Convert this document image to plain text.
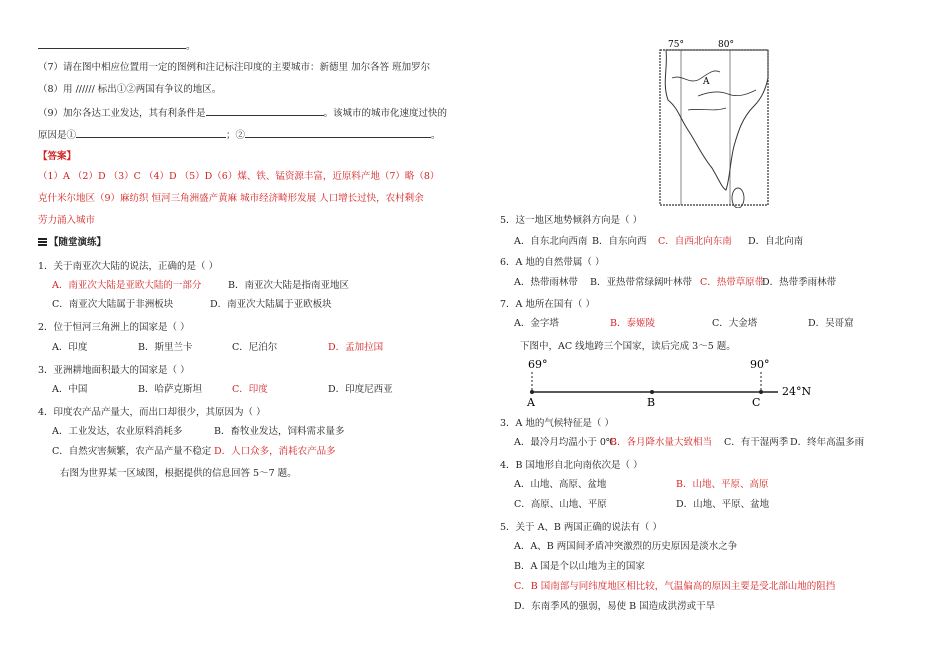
。
（7）请在图中相应位置用一定的图例和注记标注印度的主要城市：新德里 加尔各答 班加罗尔
（8）用 ////// 标出①②两国有争议的地区。
（9）加尔各达工业发达，其有利条件是	。该城市的城市化速度过快的
原因是①	；②	。
【答案】
（1）A （2）D （3）C （4）D （5）D（6）煤、铁、锰资源丰富，近原料产地（7）略（8）
克什米尔地区（9）麻纺织 恒河三角洲盛产黄麻 城市经济畸形发展 人口增长过快，农村剩余
劳力涌入城市
【随堂演练】
1．关于南亚次大陆的说法，正确的是（ ）
A．南亚次大陆是亚欧大陆的一部分	B．南亚次大陆是指南亚地区
C．南亚次大陆属于非洲板块	D．南亚次大陆属于亚欧板块
2．位于恒河三角洲上的国家是（ ）
A．印度	B．斯里兰卡	C．尼泊尔	D．孟加拉国
3．亚洲耕地面积最大的国家是（ ）
A．中国	B．哈萨克斯坦	C．印度	D．印度尼西亚
4．印度农产品产量大，而出口却很少，其原因为（ ）
A．工业发达，农业原料消耗多	B．畜牧业发达，饲料需求量多
C．自然灾害频繁，农产品产量不稳定 D．人口众多，消耗农产品多
右图为世界某一区域图，根据提供的信息回答 5～7 题。
75°	80°
A
5．这一地区地势倾斜方向是（ ）
A．自东北向西南 B．自东向西 C．自西北向东南 D．自北向南
6．A 地的自然带属（ ）
A．热带雨林带 B．亚热带常绿阔叶林带 C．热带草原带
D．热带季雨林带
7．A 地所在国有（ ）
A．金字塔	B．泰姬陵	C．大金塔	D．吴哥窟
下图中，AC 线地跨三个国家，读后完成 3～5 题。
69°	90°
24°N
A	B	C
3．A 地的气候特征是（ ）
A．最冷月均温小于 0℃
B．各月降水量大致相当 C．有干湿两季 D．终年高温多雨
4．B 国地形自北向南依次是（ ）
A．山地、高原、盆地	B．山地、平原、高原
C．高原、山地、平原	D．山地、平原、盆地
5．关于 A、B 两国正确的说法有（ ）
A．A、B 两国间矛盾冲突激烈的历史原因是淡水之争
B．A 国是个以山地为主的国家
C．B 国南部与同纬度地区相比较，气温偏高的原因主要是受北部山地的阻挡
D．东南季风的强弱，易使 B 国造成洪涝或干旱
